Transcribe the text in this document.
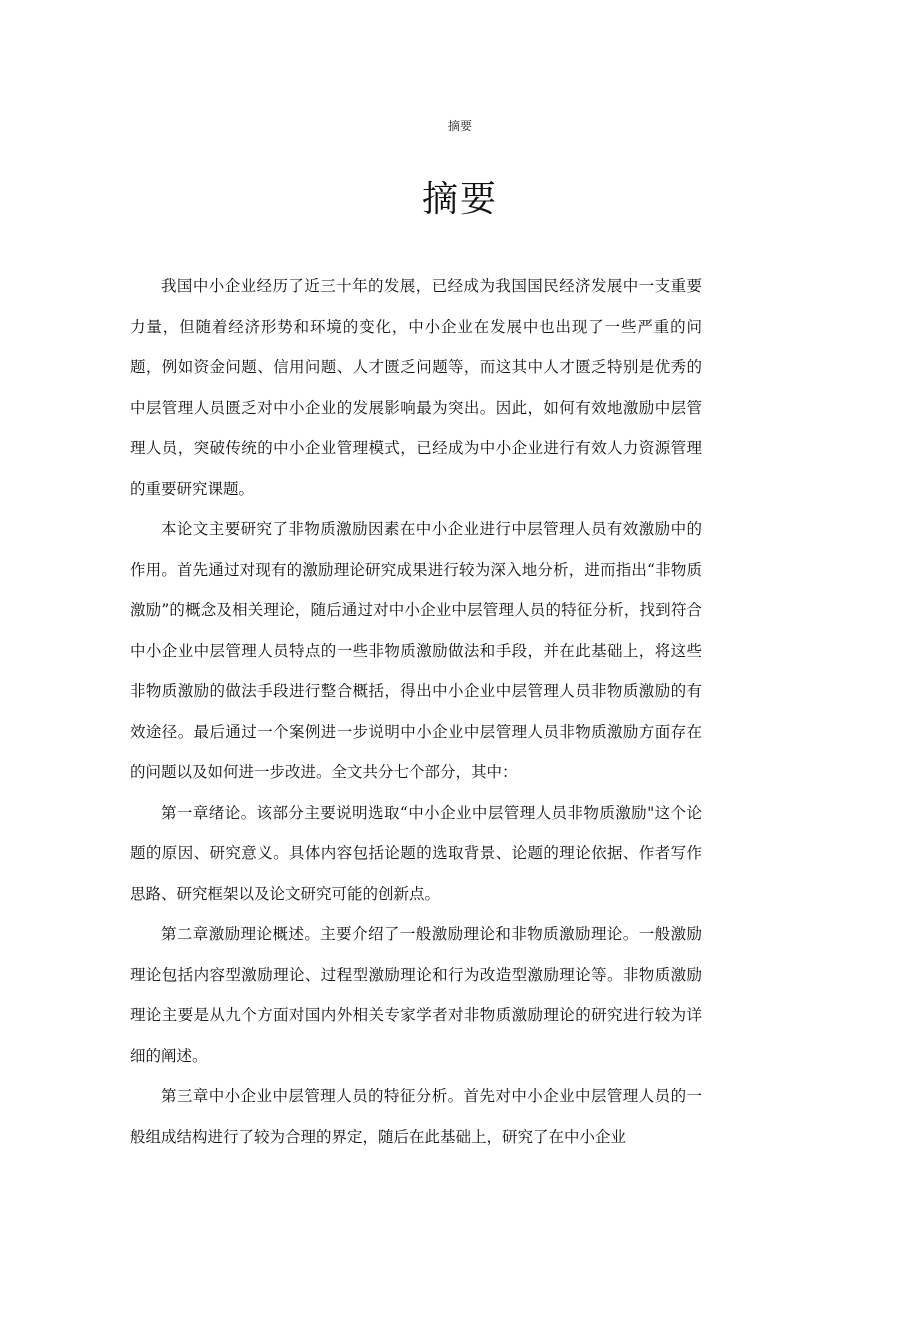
摘要
摘要

我国中小企业经历了近三十年的发展，已经成为我国国民经济发展中一支重要力量，但随着经济形势和环境的变化，中小企业在发展中也出现了一些严重的问题，例如资金问题、信用问题、人才匮乏问题等，而这其中人才匮乏特别是优秀的中层管理人员匮乏对中小企业的发展影响最为突出。因此，如何有效地激励中层管理人员，突破传统的中小企业管理模式，已经成为中小企业进行有效人力资源管理的重要研究课题。

本论文主要研究了非物质激励因素在中小企业进行中层管理人员有效激励中的作用。首先通过对现有的激励理论研究成果进行较为深入地分析，进而指出“非物质激励”的概念及相关理论，随后通过对中小企业中层管理人员的特征分析，找到符合中小企业中层管理人员特点的一些非物质激励做法和手段，并在此基础上，将这些非物质激励的做法手段进行整合概括，得出中小企业中层管理人员非物质激励的有效途径。最后通过一个案例进一步说明中小企业中层管理人员非物质激励方面存在的问题以及如何进一步改进。全文共分七个部分，其中：

第一章绪论。该部分主要说明选取“中小企业中层管理人员非物质激励"这个论题的原因、研究意义。具体内容包括论题的选取背景、论题的理论依据、作者写作思路、研究框架以及论文研究可能的创新点。

第二章激励理论概述。主要介绍了一般激励理论和非物质激励理论。一般激励理论包括内容型激励理论、过程型激励理论和行为改造型激励理论等。非物质激励理论主要是从九个方面对国内外相关专家学者对非物质激励理论的研究进行较为详细的阐述。

第三章中小企业中层管理人员的特征分析。首先对中小企业中层管理人员的一般组成结构进行了较为合理的界定，随后在此基础上，研究了在中小企业
